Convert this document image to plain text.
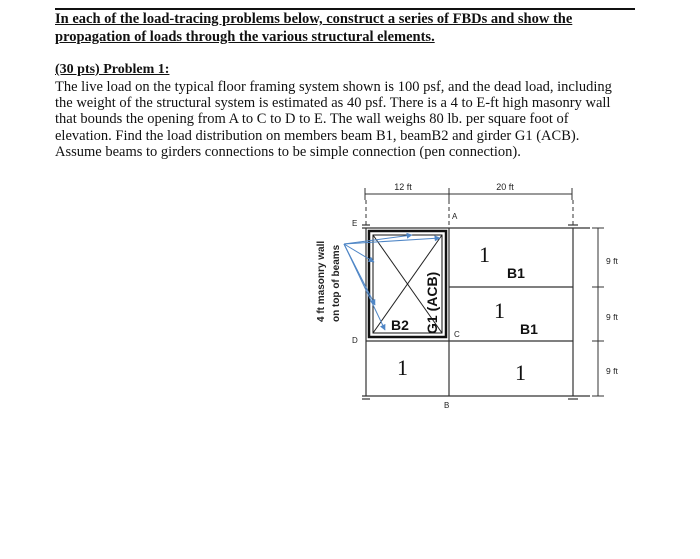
In each of the load-tracing problems below, construct a series of FBDs and show the
propagation of loads through the various structural elements.
(30 pts) Problem 1:
The live load on the typical floor framing system shown is 100 psf, and the dead load, including
the weight of the structural system is estimated as 40 psf. There is a 4 to E-ft high masonry wall
that bounds the opening from A to C to D to E. The wall weighs 80 lb. per square foot of
elevation. Find the load distribution on members beam B1, beamB2 and girder G1 (ACB).
Assume beams to girders connections to be simple connection (pen connection).
12 ft	20 ft
9 ft
9 ft
9 ft
4 ft masonry wall on top of beams
A
B
C
D
E
B1
B1
B2 G1 (ACB)
1
1
1	1
